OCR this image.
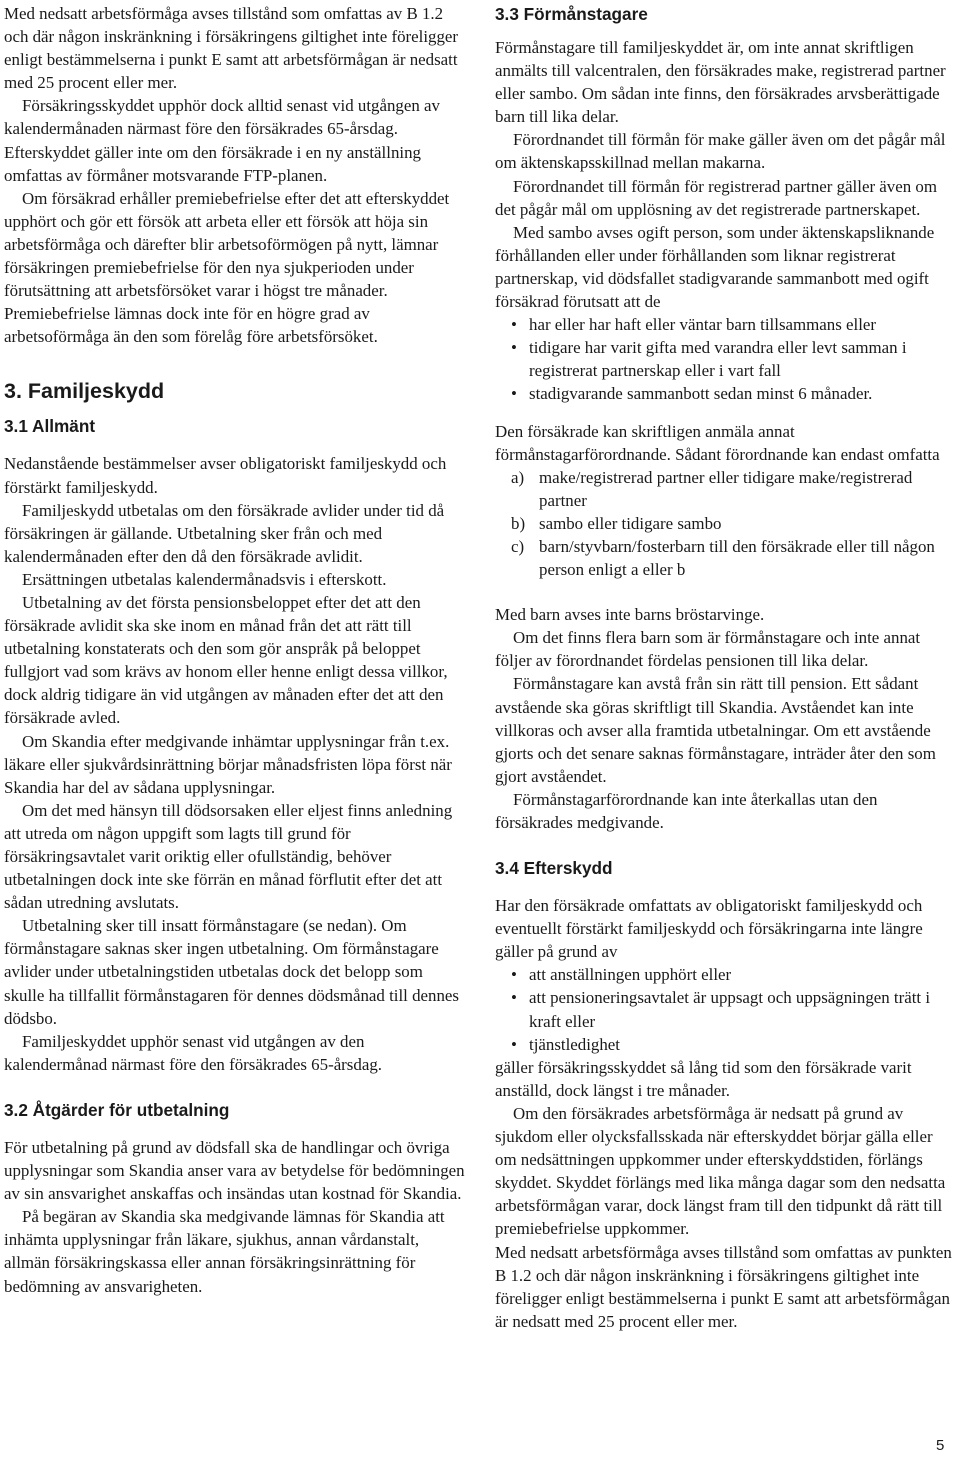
Med nedsatt arbetsförmåga avses tillstånd som omfattas av B 1.2 och där någon inskränkning i försäkringens giltighet inte föreligger enligt bestämmelserna i punkt E samt att arbetsförmågan är nedsatt med 25 procent eller mer.

Försäkringsskyddet upphör dock alltid senast vid utgången av kalendermånaden närmast före den försäkrades 65-årsdag. Efterskyddet gäller inte om den försäkrade i en ny anställning omfattas av förmåner motsvarande FTP-planen.

Om försäkrad erhåller premiebefrielse efter det att efterskyddet upphört och gör ett försök att arbeta eller ett försök att höja sin arbetsförmåga och därefter blir arbetsoförmögen på nytt, lämnar försäkringen premiebefrielse för den nya sjukperioden under förutsättning att arbetsförsöket varar i högst tre månader. Premiebefrielse lämnas dock inte för en högre grad av arbetsoförmåga än den som förelåg före arbetsförsöket.

3. Familjeskydd
3.1 Allmänt

Nedanstående bestämmelser avser obligatoriskt familjeskydd och förstärkt familjeskydd.

Familjeskydd utbetalas om den försäkrade avlider under tid då försäkringen är gällande. Utbetalning sker från och med kalendermånaden efter den då den försäkrade avlidit.

Ersättningen utbetalas kalendermånadsvis i efterskott.

Utbetalning av det första pensionsbeloppet efter det att den försäkrade avlidit ska ske inom en månad från det att rätt till utbetalning konstaterats och den som gör anspråk på beloppet fullgjort vad som krävs av honom eller henne enligt dessa villkor, dock aldrig tidigare än vid utgången av månaden efter det att den försäkrade avled.

Om Skandia efter medgivande inhämtar upplysningar från t.ex. läkare eller sjukvårdsinrättning börjar månadsfristen löpa först när Skandia har del av sådana upplysningar.

Om det med hänsyn till dödsorsaken eller eljest finns anledning att utreda om någon uppgift som lagts till grund för försäkringsavtalet varit oriktig eller ofullständig, behöver utbetalningen dock inte ske förrän en månad förflutit efter det att sådan utredning avslutats.

Utbetalning sker till insatt förmånstagare (se nedan). Om förmånstagare saknas sker ingen utbetalning. Om förmånstagare avlider under utbetalningstiden utbetalas dock det belopp som skulle ha tillfallit förmånstagaren för dennes dödsmånad till dennes dödsbo.

Familjeskyddet upphör senast vid utgången av den kalendermånad närmast före den försäkrades 65-årsdag.

3.2 Åtgärder för utbetalning

För utbetalning på grund av dödsfall ska de handlingar och övriga upplysningar som Skandia anser vara av betydelse för bedömningen av sin ansvarighet anskaffas och insändas utan kostnad för Skandia.

På begäran av Skandia ska medgivande lämnas för Skandia att inhämta upplysningar från läkare, sjukhus, annan vårdanstalt, allmän försäkringskassa eller annan försäkringsinrättning för bedömning av ansvarigheten.

3.3 Förmånstagare

Förmånstagare till familjeskyddet är, om inte annat skriftligen anmälts till valcentralen, den försäkrades make, registrerad partner eller sambo. Om sådan inte finns, den försäkrades arvsberättigade barn till lika delar.

Förordnandet till förmån för make gäller även om det pågår mål om äktenskapsskillnad mellan makarna.

Förordnandet till förmån för registrerad partner gäller även om det pågår mål om upplösning av det registrerade partnerskapet.

Med sambo avses ogift person, som under äktenskapsliknande förhållanden eller under förhållanden som liknar registrerat partnerskap, vid dödsfallet stadigvarande sammanbott med ogift försäkrad förutsatt att de

• har eller har haft eller väntar barn tillsammans eller
• tidigare har varit gifta med varandra eller levt samman i registrerat partnerskap eller i vart fall
• stadigvarande sammanbott sedan minst 6 månader.

Den försäkrade kan skriftligen anmäla annat förmånstagarförordnande. Sådant förordnande kan endast omfatta

a) make/registrerad partner eller tidigare make/registrerad partner
b) sambo eller tidigare sambo
c) barn/styvbarn/fosterbarn till den försäkrade eller till någon person enligt a eller b

Med barn avses inte barns bröstarvinge.

Om det finns flera barn som är förmånstagare och inte annat följer av förordnandet fördelas pensionen till lika delar.

Förmånstagare kan avstå från sin rätt till pension. Ett sådant avstående ska göras skriftligt till Skandia. Avståendet kan inte villkoras och avser alla framtida utbetalningar. Om ett avstående gjorts och det senare saknas förmånstagare, inträder åter den som gjort avståendet.

Förmånstagarförordnande kan inte återkallas utan den försäkrades medgivande.

3.4 Efterskydd

Har den försäkrade omfattats av obligatoriskt familjeskydd och eventuellt förstärkt familjeskydd och försäkringarna inte längre gäller på grund av

• att anställningen upphört eller
• att pensioneringsavtalet är uppsagt och uppsägningen trätt i kraft eller
• tjänstledighet

gäller försäkringsskyddet så lång tid som den försäkrade varit anställd, dock längst i tre månader.

Om den försäkrades arbetsförmåga är nedsatt på grund av sjukdom eller olycksfallsskada när efterskyddet börjar gälla eller om nedsättningen uppkommer under efterskyddstiden, förlängs skyddet. Skyddet förlängs med lika många dagar som den nedsatta arbetsförmågan varar, dock längst fram till den tidpunkt då rätt till premiebefrielse uppkommer.

Med nedsatt arbetsförmåga avses tillstånd som omfattas av punkten B 1.2 och där någon inskränkning i försäkringens giltighet inte föreligger enligt bestämmelserna i punkt E samt att arbetsförmågan är nedsatt med 25 procent eller mer.

5
